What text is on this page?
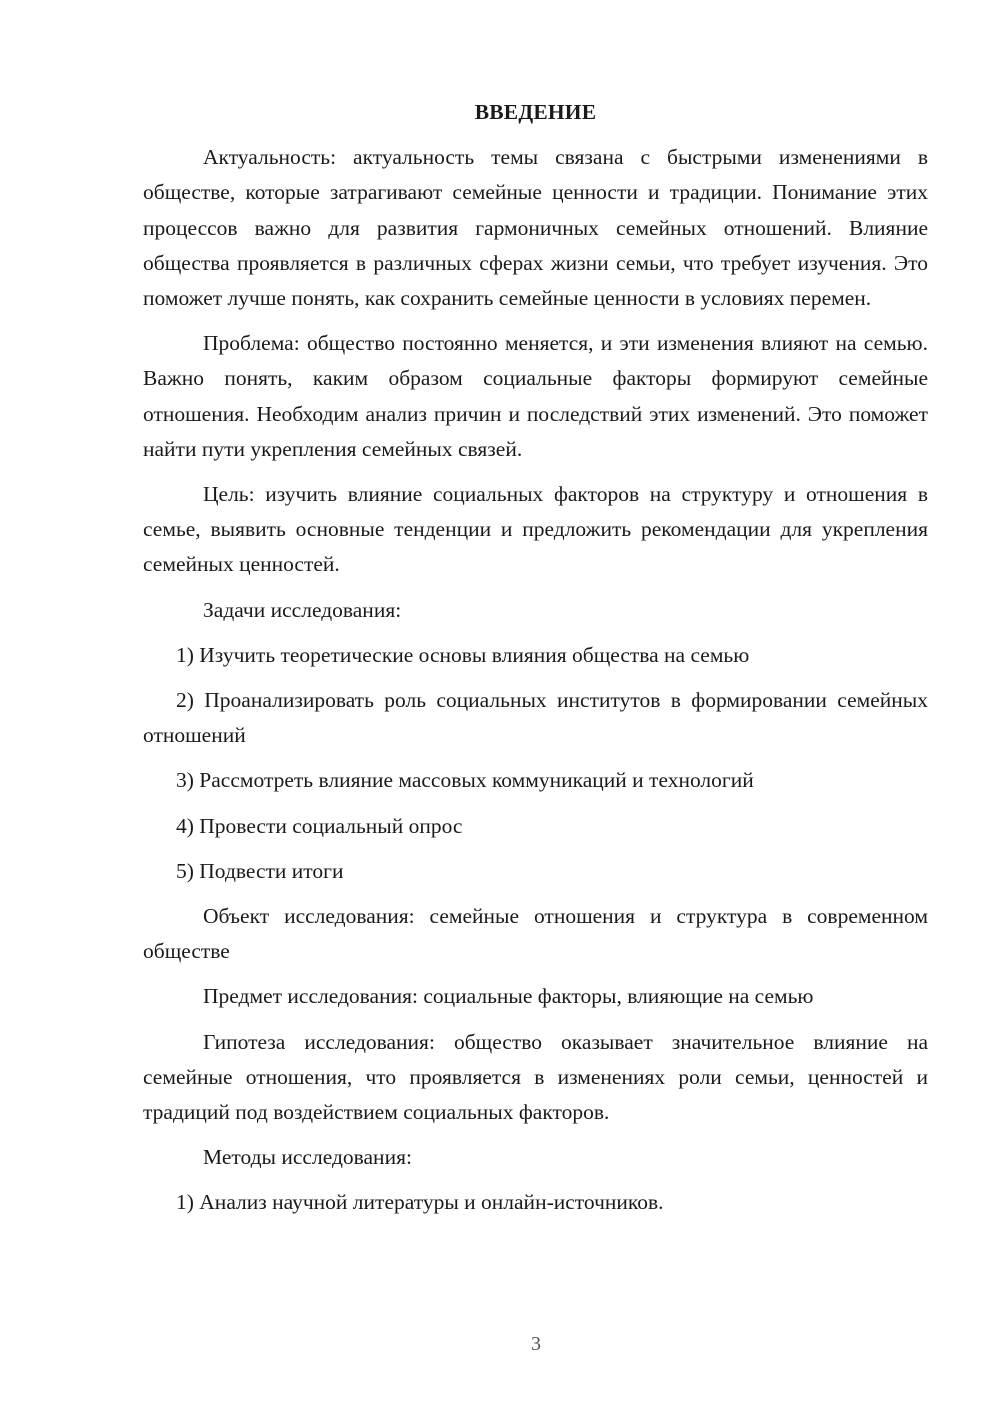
ВВЕДЕНИЕ

Актуальность: актуальность темы связана с быстрыми изменениями в обществе, которые затрагивают семейные ценности и традиции. Понимание этих процессов важно для развития гармоничных семейных отношений. Влияние общества проявляется в различных сферах жизни семьи, что требует изучения. Это поможет лучше понять, как сохранить семейные ценности в условиях перемен.

Проблема: общество постоянно меняется, и эти изменения влияют на семью. Важно понять, каким образом социальные факторы формируют семейные отношения. Необходим анализ причин и последствий этих изменений. Это поможет найти пути укрепления семейных связей.

Цель: изучить влияние социальных факторов на структуру и отношения в семье, выявить основные тенденции и предложить рекомендации для укрепления семейных ценностей.

Задачи исследования:

1) Изучить теоретические основы влияния общества на семью

2) Проанализировать роль социальных институтов в формировании семейных отношений

3) Рассмотреть влияние массовых коммуникаций и технологий

4) Провести социальный опрос

5) Подвести итоги

Объект исследования: семейные отношения и структура в современном обществе

Предмет исследования: социальные факторы, влияющие на семью

Гипотеза исследования: общество оказывает значительное влияние на семейные отношения, что проявляется в изменениях роли семьи, ценностей и традиций под воздействием социальных факторов.

Методы исследования:

1) Анализ научной литературы и онлайн-источников.

3
